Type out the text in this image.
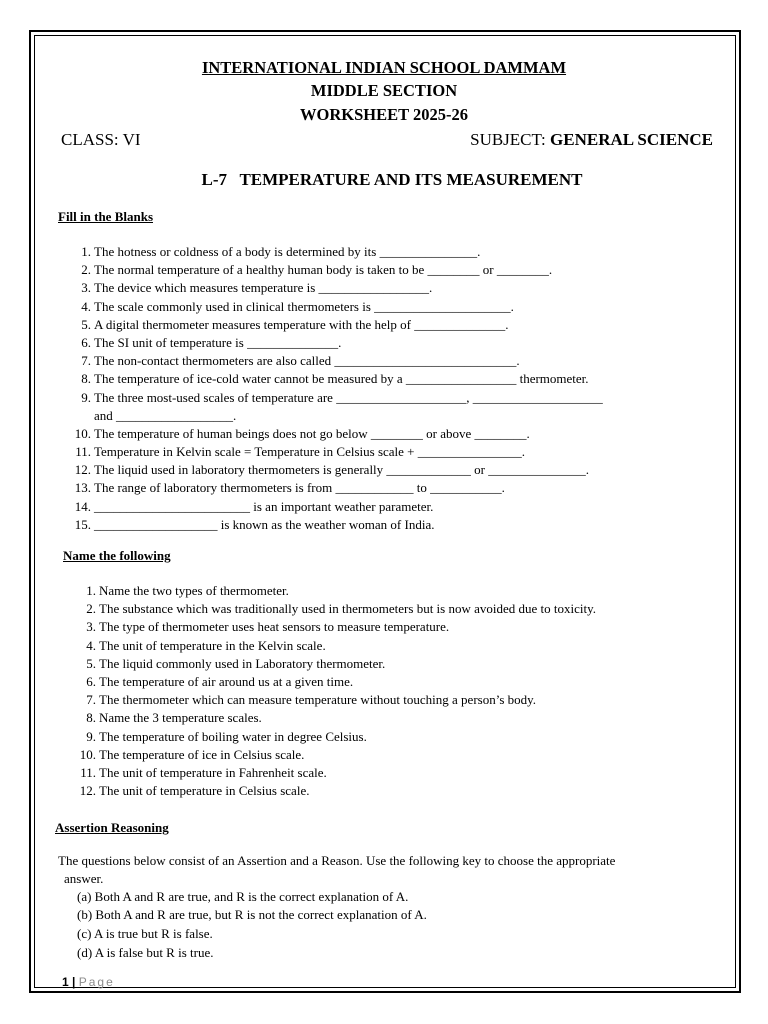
INTERNATIONAL INDIAN SCHOOL DAMMAM
MIDDLE SECTION
WORKSHEET 2025-26
CLASS: VI	SUBJECT: GENERAL SCIENCE
L-7   TEMPERATURE AND ITS MEASUREMENT
Fill in the Blanks
1. The hotness or coldness of a body is determined by its _______________.
2. The normal temperature of a healthy human body is taken to be ________ or ________.
3. The device which measures temperature is _________________.
4. The scale commonly used in clinical thermometers is _____________________.
5. A digital thermometer measures temperature with the help of ______________.
6. The SI unit of temperature is ______________.
7. The non-contact thermometers are also called ____________________________.
8. The temperature of ice-cold water cannot be measured by a _________________ thermometer.
9. The three most-used scales of temperature are ____________________, ____________________
and __________________.
10. The temperature of human beings does not go below ________ or above ________.
11. Temperature in Kelvin scale = Temperature in Celsius scale + ________________.
12. The liquid used in laboratory thermometers is generally _____________ or _______________.
13. The range of laboratory thermometers is from ____________ to ___________.
14. ________________________ is an important weather parameter.
15. ___________________ is known as the weather woman of India.
Name the following
1. Name the two types of thermometer.
2. The substance which was traditionally used in thermometers but is now avoided due to toxicity.
3. The type of thermometer uses heat sensors to measure temperature.
4. The unit of temperature in the Kelvin scale.
5. The liquid commonly used in Laboratory thermometer.
6. The temperature of air around us at a given time.
7. The thermometer which can measure temperature without touching a person’s body.
8. Name the 3 temperature scales.
9. The temperature of boiling water in degree Celsius.
10. The temperature of ice in Celsius scale.
11. The unit of temperature in Fahrenheit scale.
12. The unit of temperature in Celsius scale.
Assertion Reasoning
The questions below consist of an Assertion and a Reason. Use the following key to choose the appropriate
answer.
(a) Both A and R are true, and R is the correct explanation of A.
(b) Both A and R are true, but R is not the correct explanation of A.
(c) A is true but R is false.
(d) A is false but R is true.
1 | Page
